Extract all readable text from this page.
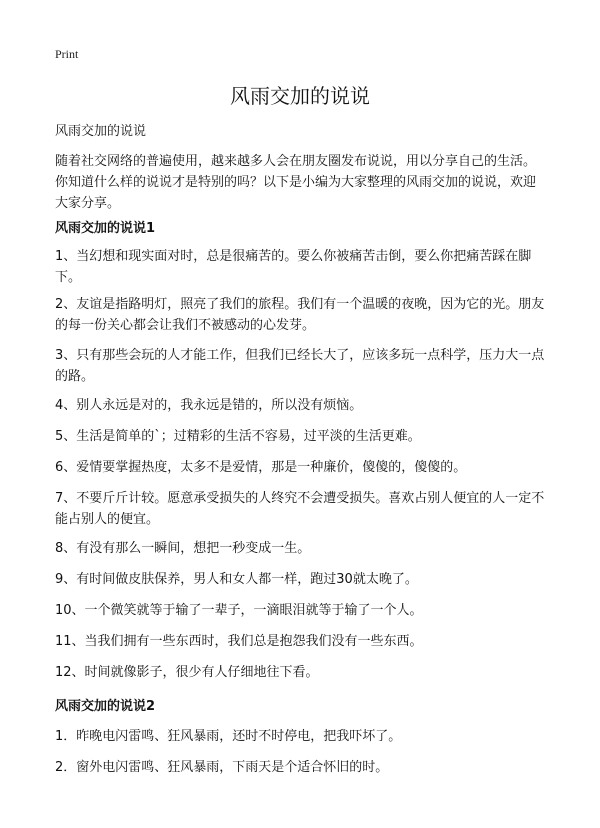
Print
风雨交加的说说
风雨交加的说说
随着社交网络的普遍使用，越来越多人会在朋友圈发布说说，用以分享自己的生活。你知道什么样的说说才是特别的吗？以下是小编为大家整理的风雨交加的说说，欢迎大家分享。
风雨交加的说说1
1、当幻想和现实面对时，总是很痛苦的。要么你被痛苦击倒，要么你把痛苦踩在脚下。
2、友谊是指路明灯，照亮了我们的旅程。我们有一个温暖的夜晚，因为它的光。朋友的每一份关心都会让我们不被感动的心发芽。
3、只有那些会玩的人才能工作，但我们已经长大了，应该多玩一点科学，压力大一点的路。
4、别人永远是对的，我永远是错的，所以没有烦恼。
5、生活是简单的`；过精彩的生活不容易，过平淡的生活更难。
6、爱情要掌握热度，太多不是爱情，那是一种廉价，傻傻的，傻傻的。
7、不要斤斤计较。愿意承受损失的人终究不会遭受损失。喜欢占别人便宜的人一定不能占别人的便宜。
8、有没有那么一瞬间，想把一秒变成一生。
9、有时间做皮肤保养，男人和女人都一样，跑过30就太晚了。
10、一个微笑就等于输了一辈子，一滴眼泪就等于输了一个人。
11、当我们拥有一些东西时，我们总是抱怨我们没有一些东西。
12、时间就像影子，很少有人仔细地往下看。
风雨交加的说说2
1．昨晚电闪雷鸣、狂风暴雨，还时不时停电，把我吓坏了。
2．窗外电闪雷鸣、狂风暴雨，下雨天是个适合怀旧的时。
